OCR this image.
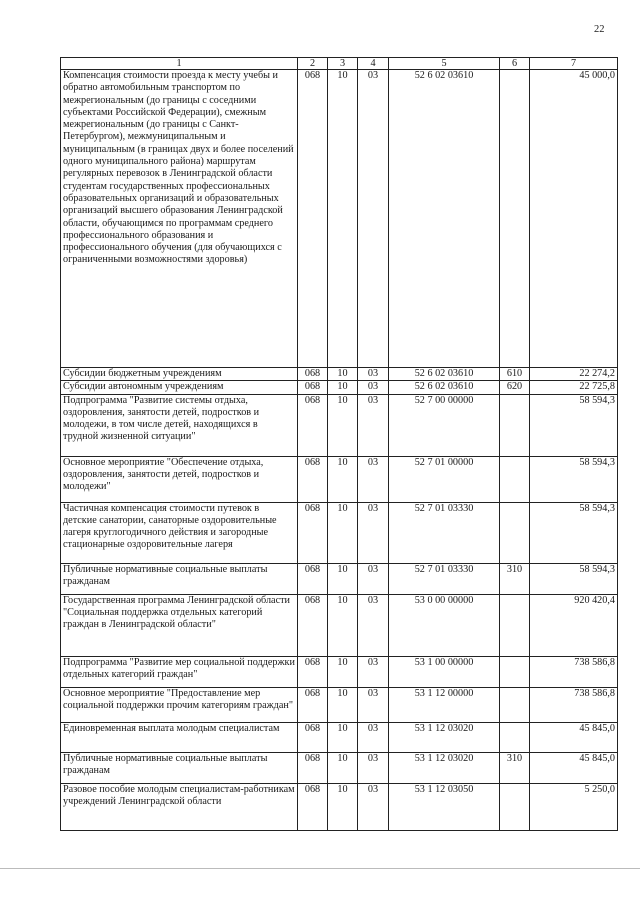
22
1	2	3	4	5	6	7
Компенсация стоимости проезда к месту учебы и обратно автомобильным транспортом по межрегиональным (до границы с соседними субъектами Российской Федерации), смежным межрегиональным (до границы с Санкт-Петербургом), межмуниципальным и муниципальным (в границах двух и более поселений одного муниципального района) маршрутам регулярных перевозок в Ленинградской области студентам государственных профессиональных образовательных организаций и образовательных организаций высшего образования Ленинградской области, обучающимся по программам среднего профессионального образования и профессионального обучения (для обучающихся с ограниченными возможностями здоровья)	068	10	03	52 6 02 03610		45 000,0
Субсидии бюджетным учреждениям	068	10	03	52 6 02 03610	610	22 274,2
Субсидии автономным учреждениям	068	10	03	52 6 02 03610	620	22 725,8
Подпрограмма "Развитие системы отдыха, оздоровления, занятости детей, подростков и молодежи, в том числе детей, находящихся в трудной жизненной ситуации"	068	10	03	52 7 00 00000		58 594,3
Основное мероприятие "Обеспечение отдыха, оздоровления, занятости детей, подростков и молодежи"	068	10	03	52 7 01 00000		58 594,3
Частичная компенсация стоимости путевок в детские санатории, санаторные оздоровительные лагеря круглогодичного действия и загородные стационарные оздоровительные лагеря	068	10	03	52 7 01 03330		58 594,3
Публичные нормативные социальные выплаты гражданам	068	10	03	52 7 01 03330	310	58 594,3
Государственная программа Ленинградской области "Социальная поддержка отдельных категорий граждан в Ленинградской области"	068	10	03	53 0 00 00000		920 420,4
Подпрограмма "Развитие мер социальной поддержки отдельных категорий граждан"	068	10	03	53 1 00 00000		738 586,8
Основное мероприятие "Предоставление мер социальной поддержки прочим категориям граждан"	068	10	03	53 1 12 00000		738 586,8
Единовременная выплата молодым специалистам	068	10	03	53 1 12 03020		45 845,0
Публичные нормативные социальные выплаты гражданам	068	10	03	53 1 12 03020	310	45 845,0
Разовое пособие молодым специалистам-работникам учреждений Ленинградской области	068	10	03	53 1 12 03050		5 250,0
